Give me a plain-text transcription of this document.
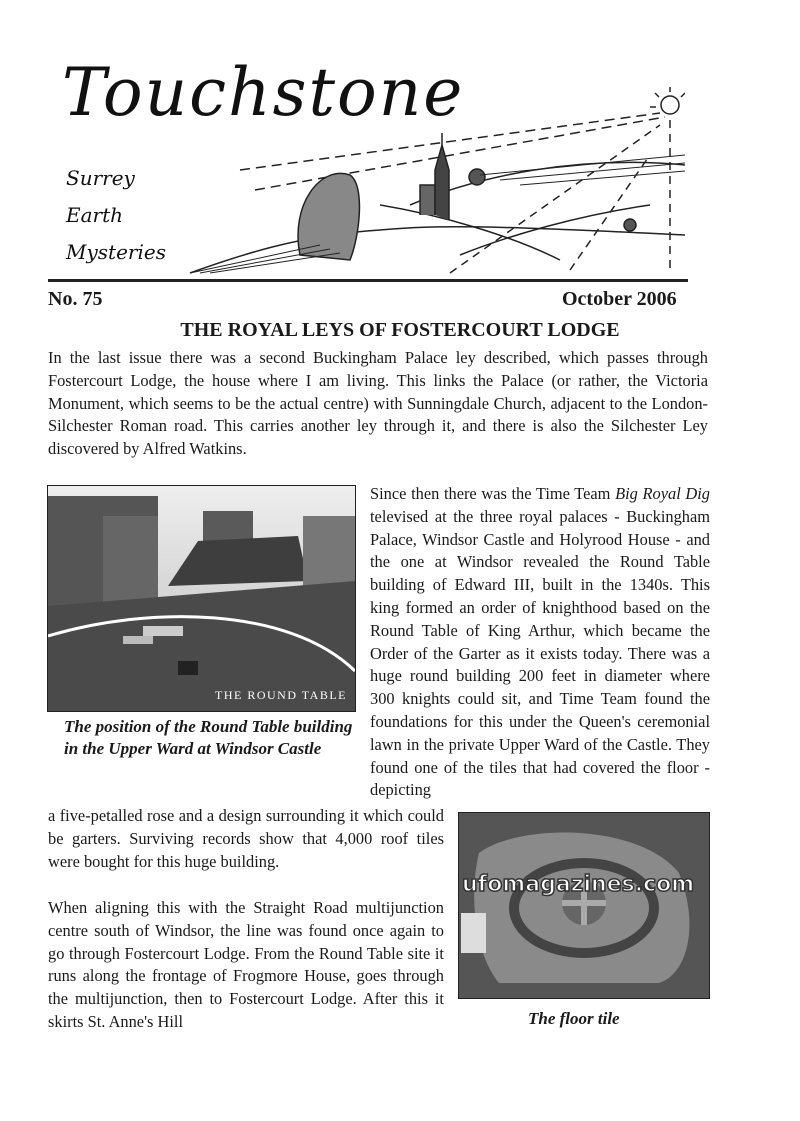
Touchstone
Surrey
Earth
Mysteries
No. 75	October 2006
THE ROYAL LEYS OF FOSTERCOURT LODGE
In the last issue there was a second Buckingham Palace ley described, which passes through Fostercourt Lodge, the house where I am living. This links the Palace (or rather, the Victoria Monument, which seems to be the actual centre) with Sunningdale Church, adjacent to the London-Silchester Roman road. This carries another ley through it, and there is also the Silchester Ley discovered by Alfred Watkins.
THE ROUND TABLE
The position of the Round Table building in the Upper Ward at Windsor Castle
Since then there was the Time Team Big Royal Dig televised at the three royal palaces - Buckingham Palace, Windsor Castle and Holyrood House - and the one at Windsor revealed the Round Table building of Edward III, built in the 1340s. This king formed an order of knighthood based on the Round Table of King Arthur, which became the Order of the Garter as it exists today. There was a huge round building 200 feet in diameter where 300 knights could sit, and Time Team found the foundations for this under the Queen's ceremonial lawn in the private Upper Ward of the Castle. They found one of the tiles that had covered the floor - depicting
a five-petalled rose and a design surrounding it which could be garters. Surviving records show that 4,000 roof tiles were bought for this huge building.
When aligning this with the Straight Road multijunction centre south of Windsor, the line was found once again to go through Fostercourt Lodge. From the Round Table site it runs along the frontage of Frogmore House, goes through the multijunction, then to Fostercourt Lodge. After this it skirts St. Anne's Hill	The floor tile
ufomagazines.com
